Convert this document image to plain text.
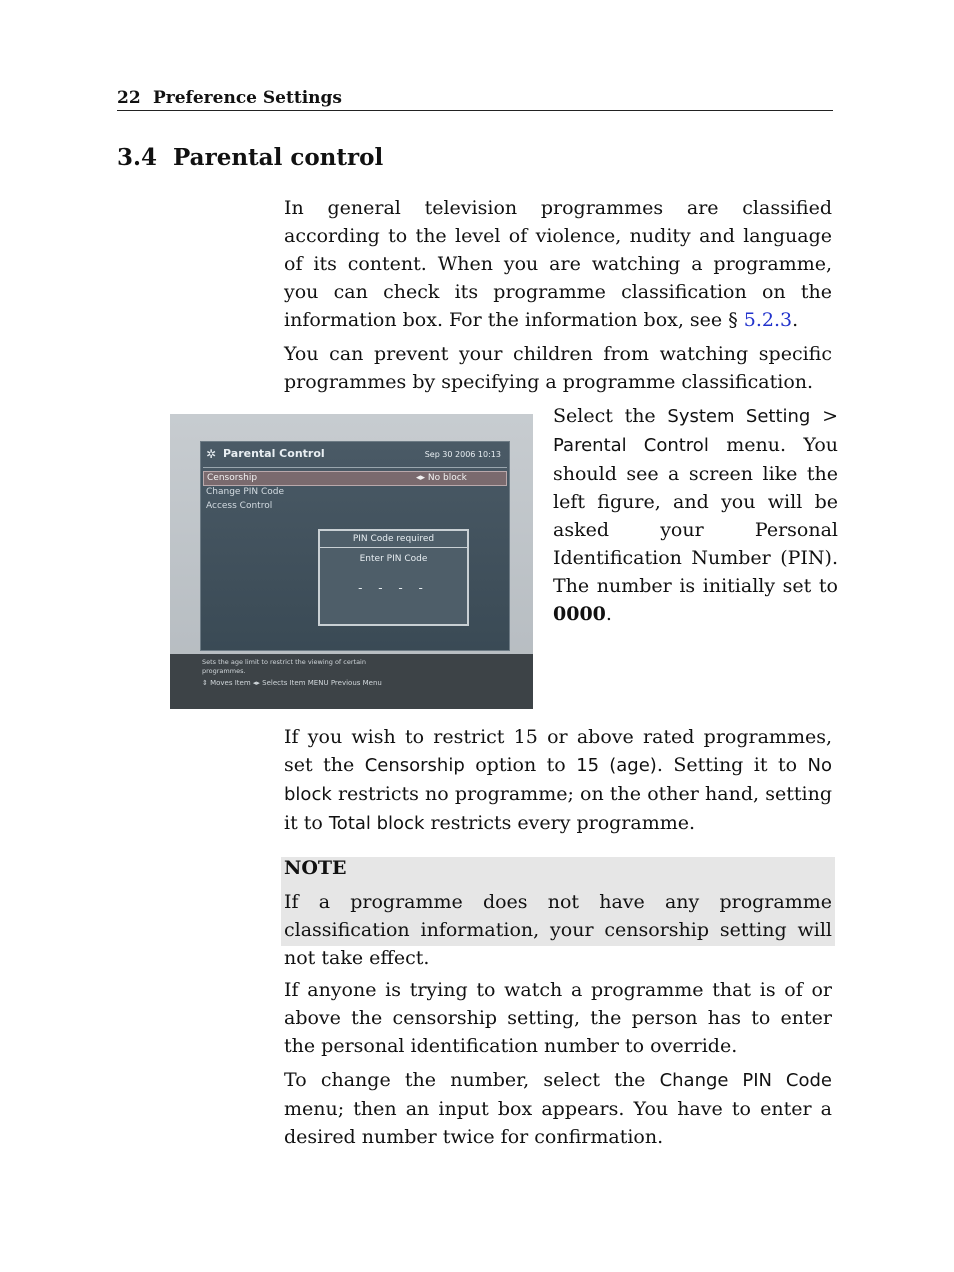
22 Preference Settings
3.4 Parental control

In general television programmes are classified according to the level of violence, nudity and language of its content. When you are watching a programme, you can check its programme classification on the information box. For the information box, see § 5.2.3.

You can prevent your children from watching specific programmes by specifying a programme classification.

✲ Parental Control	Sep 30 2006 10:13
Censorship	◂▸ No block
Change PIN Code
Access Control
PIN Code required
Enter PIN Code
- - - -
Sets the age limit to restrict the viewing of certain programmes.
⇕ Moves Item ◂▸ Selects Item MENU Previous Menu

Select the System Setting > Parental Control menu. You should see a screen like the left figure, and you will be asked your Personal Identification Number (PIN). The number is initially set to 0000.

If you wish to restrict 15 or above rated programmes, set the Censorship option to 15 (age). Setting it to No block restricts no programme; on the other hand, setting it to Total block restricts every programme.

NOTE
If a programme does not have any programme classification information, your censorship setting will not take effect.

If anyone is trying to watch a programme that is of or above the censorship setting, the person has to enter the personal identification number to override.

To change the number, select the Change PIN Code menu; then an input box appears. You have to enter a desired number twice for confirmation.
